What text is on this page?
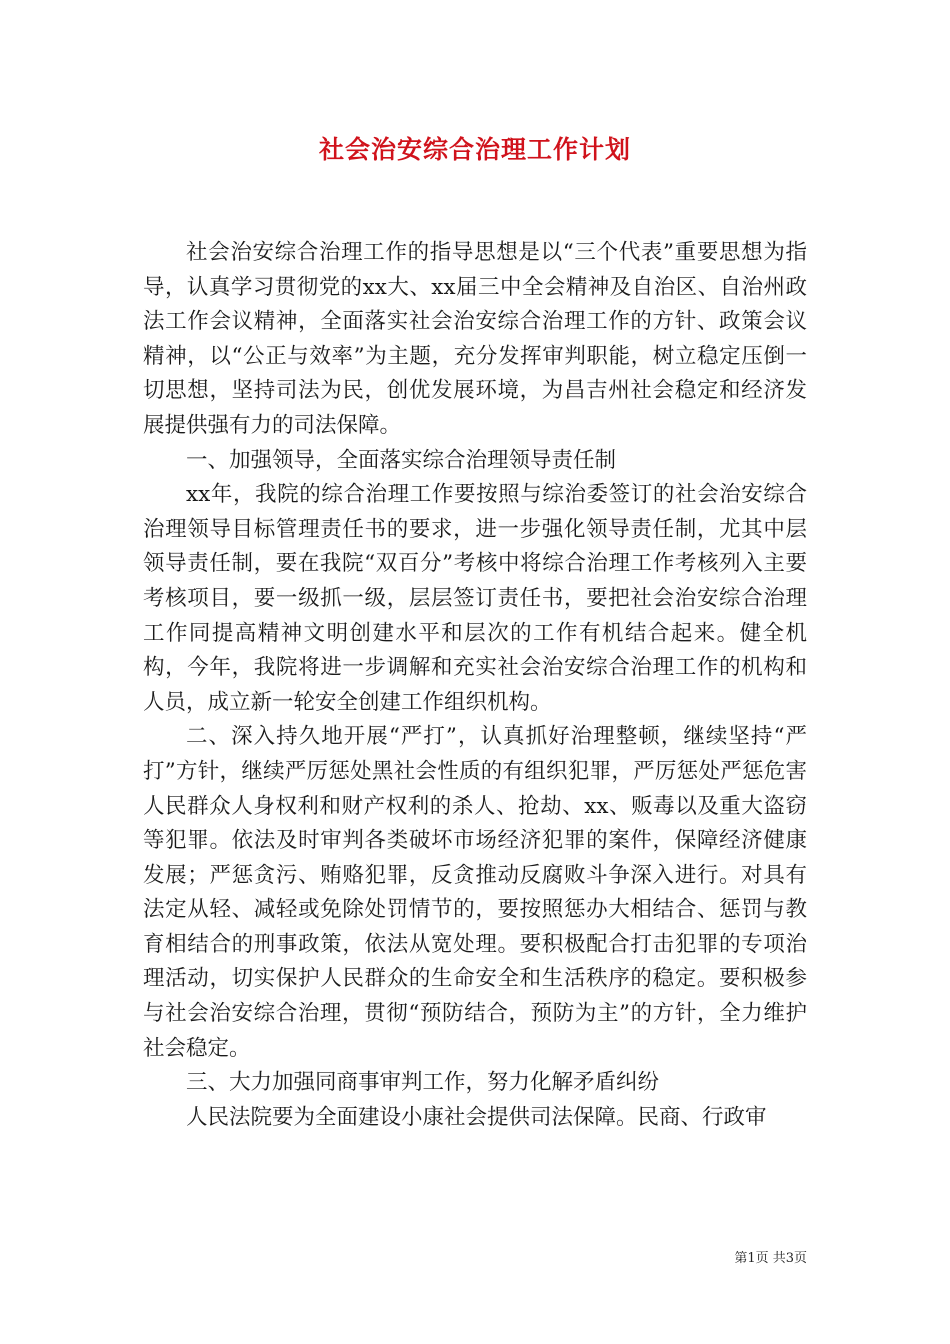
社会治安综合治理工作计划

社会治安综合治理工作的指导思想是以“三个代表”重要思想为指导，认真学习贯彻党的xx大、xx届三中全会精神及自治区、自治州政法工作会议精神，全面落实社会治安综合治理工作的方针、政策会议精神，以“公正与效率”为主题，充分发挥审判职能，树立稳定压倒一切思想，坚持司法为民，创优发展环境，为昌吉州社会稳定和经济发展提供强有力的司法保障。

一、加强领导，全面落实综合治理领导责任制

xx年，我院的综合治理工作要按照与综治委签订的社会治安综合治理领导目标管理责任书的要求，进一步强化领导责任制，尤其中层领导责任制，要在我院“双百分”考核中将综合治理工作考核列入主要考核项目，要一级抓一级，层层签订责任书，要把社会治安综合治理工作同提高精神文明创建水平和层次的工作有机结合起来。健全机构，今年，我院将进一步调解和充实社会治安综合治理工作的机构和人员，成立新一轮安全创建工作组织机构。

二、深入持久地开展“严打”，认真抓好治理整顿，继续坚持“严打”方针，继续严厉惩处黑社会性质的有组织犯罪，严厉惩处严惩危害人民群众人身权利和财产权利的杀人、抢劫、xx、贩毒以及重大盗窃等犯罪。依法及时审判各类破坏市场经济犯罪的案件，保障经济健康发展；严惩贪污、贿赂犯罪，反贪推动反腐败斗争深入进行。对具有法定从轻、减轻或免除处罚情节的，要按照惩办大相结合、惩罚与教育相结合的刑事政策，依法从宽处理。要积极配合打击犯罪的专项治理活动，切实保护人民群众的生命安全和生活秩序的稳定。要积极参与社会治安综合治理，贯彻“预防结合，预防为主”的方针，全力维护社会稳定。

三、大力加强同商事审判工作，努力化解矛盾纠纷

人民法院要为全面建设小康社会提供司法保障。民商、行政审

第1页 共3页
